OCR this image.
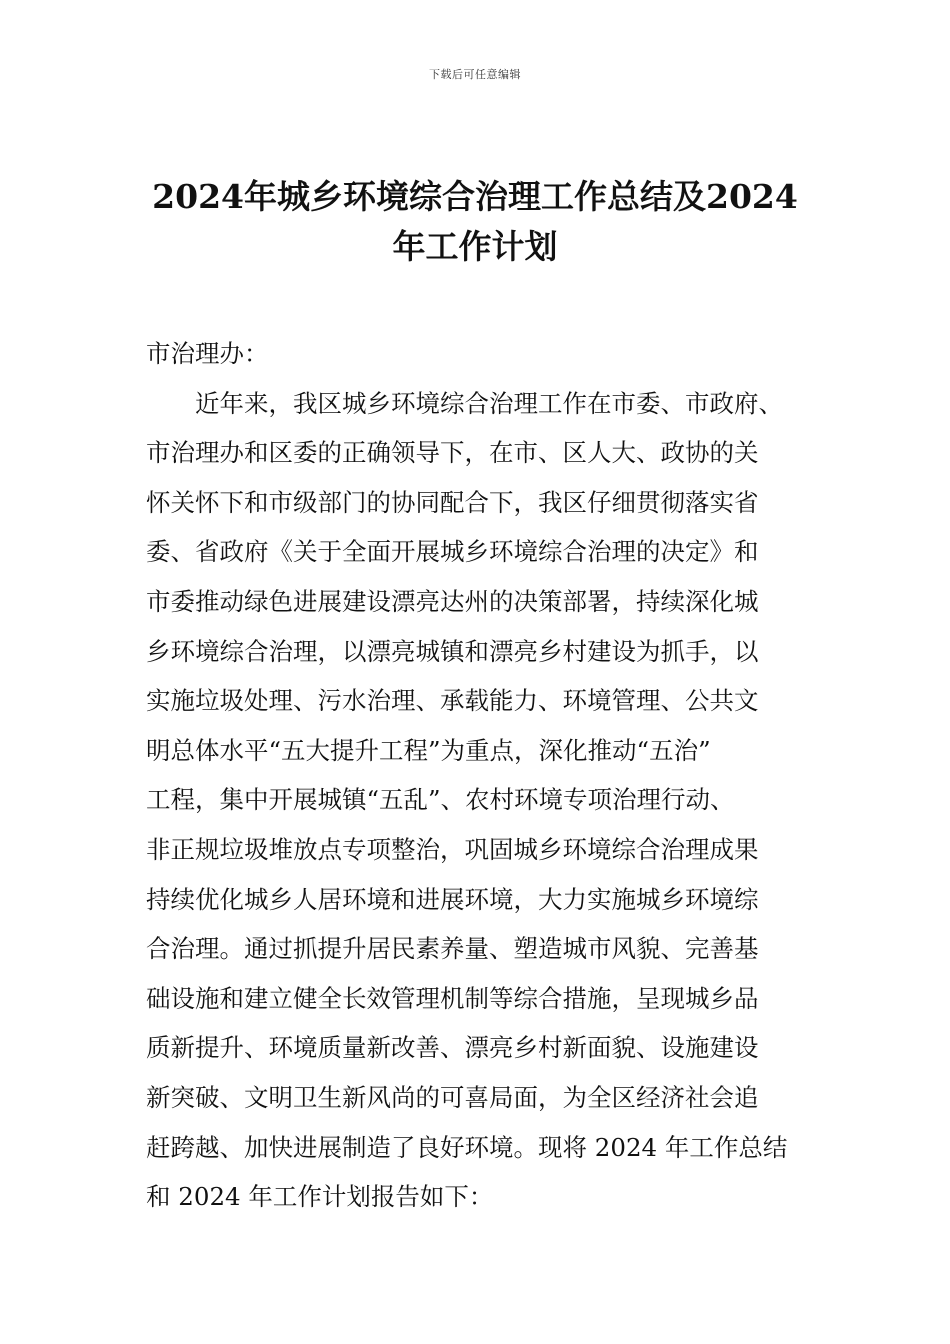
下载后可任意编辑
2024年城乡环境综合治理工作总结及2024
年工作计划
市治理办：
近年来，我区城乡环境综合治理工作在市委、市政府、
市治理办和区委的正确领导下，在市、区人大、政协的关
怀关怀下和市级部门的协同配合下，我区仔细贯彻落实省
委、省政府《关于全面开展城乡环境综合治理的决定》和
市委推动绿色进展建设漂亮达州的决策部署，持续深化城
乡环境综合治理，以漂亮城镇和漂亮乡村建设为抓手，以
实施垃圾处理、污水治理、承载能力、环境管理、公共文
明总体水平“五大提升工程”为重点，深化推动“五治”
工程，集中开展城镇“五乱”、农村环境专项治理行动、
非正规垃圾堆放点专项整治，巩固城乡环境综合治理成果
持续优化城乡人居环境和进展环境，大力实施城乡环境综
合治理。通过抓提升居民素养量、塑造城市风貌、完善基
础设施和建立健全长效管理机制等综合措施，呈现城乡品
质新提升、环境质量新改善、漂亮乡村新面貌、设施建设
新突破、文明卫生新风尚的可喜局面，为全区经济社会追
赶跨越、加快进展制造了良好环境。现将 2024 年工作总结
和 2024 年工作计划报告如下：
